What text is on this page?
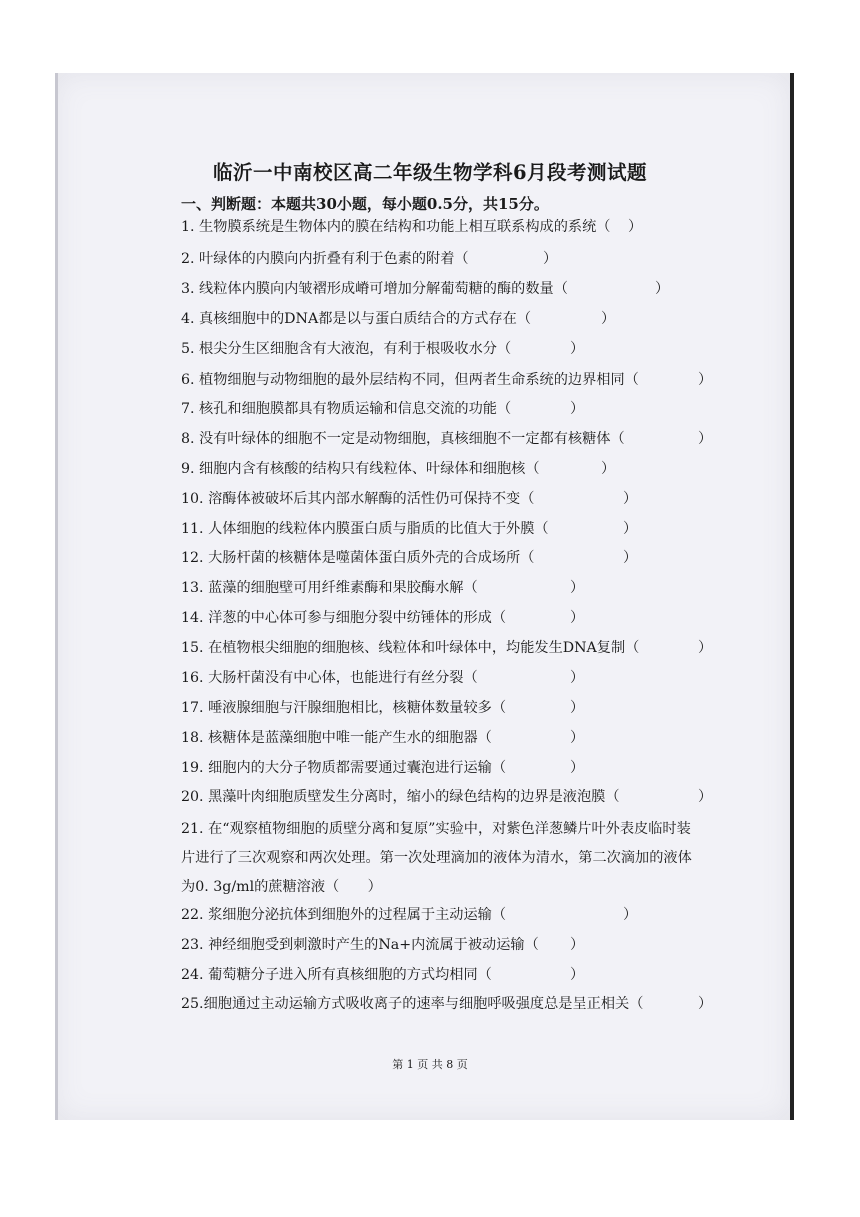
临沂一中南校区高二年级生物学科6月段考测试题
一、判断题：本题共30小题，每小题0.5分，共15分。
1. 生物膜系统是生物体内的膜在结构和功能上相互联系构成的系统（ ）
2. 叶绿体的内膜向内折叠有利于色素的附着（	）
3. 线粒体内膜向内皱褶形成嵴可增加分解葡萄糖的酶的数量（	）
4. 真核细胞中的DNA都是以与蛋白质结合的方式存在（	）
5. 根尖分生区细胞含有大液泡，有利于根吸收水分（	）
6. 植物细胞与动物细胞的最外层结构不同，但两者生命系统的边界相同（	）
7. 核孔和细胞膜都具有物质运输和信息交流的功能（	）
8. 没有叶绿体的细胞不一定是动物细胞，真核细胞不一定都有核糖体（	）
9. 细胞内含有核酸的结构只有线粒体、叶绿体和细胞核（	）
10. 溶酶体被破坏后其内部水解酶的活性仍可保持不变（	）
11. 人体细胞的线粒体内膜蛋白质与脂质的比值大于外膜（	）
12. 大肠杆菌的核糖体是噬菌体蛋白质外壳的合成场所（	）
13. 蓝藻的细胞壁可用纤维素酶和果胶酶水解（	）
14. 洋葱的中心体可参与细胞分裂中纺锤体的形成（	）
15. 在植物根尖细胞的细胞核、线粒体和叶绿体中，均能发生DNA复制（	）
16. 大肠杆菌没有中心体，也能进行有丝分裂（	）
17. 唾液腺细胞与汗腺细胞相比，核糖体数量较多（	）
18. 核糖体是蓝藻细胞中唯一能产生水的细胞器（	）
19. 细胞内的大分子物质都需要通过囊泡进行运输（	）
20. 黑藻叶肉细胞质壁发生分离时，缩小的绿色结构的边界是液泡膜（	）
21. 在“观察植物细胞的质壁分离和复原”实验中，对紫色洋葱鳞片叶外表皮临时装片进行了三次观察和两次处理。第一次处理滴加的液体为清水，第二次滴加的液体为0. 3g/ml的蔗糖溶液（　　）
22. 浆细胞分泌抗体到细胞外的过程属于主动运输（	）
23. 神经细胞受到刺激时产生的Na+内流属于被动运输（ ）
24. 葡萄糖分子进入所有真核细胞的方式均相同（	）
25.细胞通过主动运输方式吸收离子的速率与细胞呼吸强度总是呈正相关（	）
第 1 页 共 8 页
